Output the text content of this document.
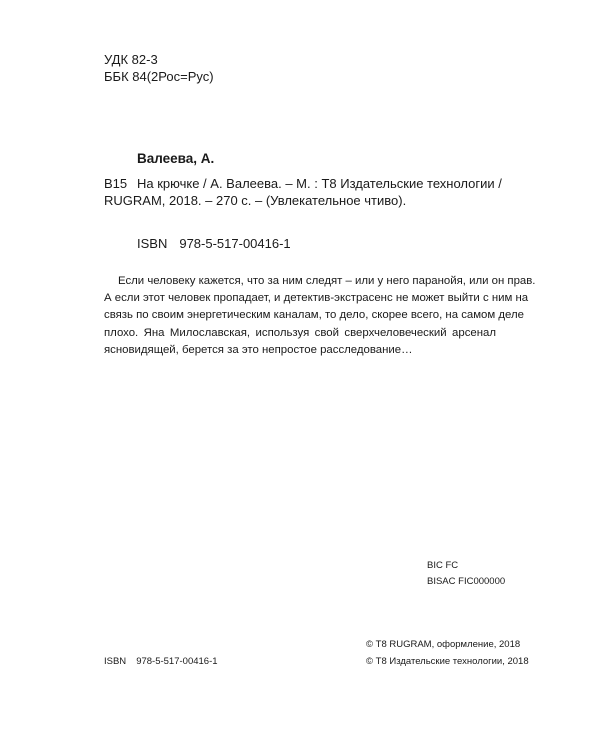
УДК 82-3
ББК 84(2Рос=Рус)
Валеева, А.
В15 На крючке / А. Валеева. – М. : Т8 Издательские технологии /
RUGRAM, 2018. – 270 с. – (Увлекательное чтиво).
ISBN 978-5-517-00416-1
Если человеку кажется, что за ним следят – или у него паранойя, или он прав.
А если этот человек пропадает, и детектив-экстрасенс не может выйти с ним на
связь по своим энергетическим каналам, то дело, скорее всего, на самом деле
плохо. Яна Милославская, используя свой сверхчеловеческий арсенал
ясновидящей, берется за это непростое расследование…
BIC FC
BISAC FIC000000
© Т8 RUGRAM, оформление, 2018
© Т8 Издательские технологии, 2018
ISBN 978-5-517-00416-1
